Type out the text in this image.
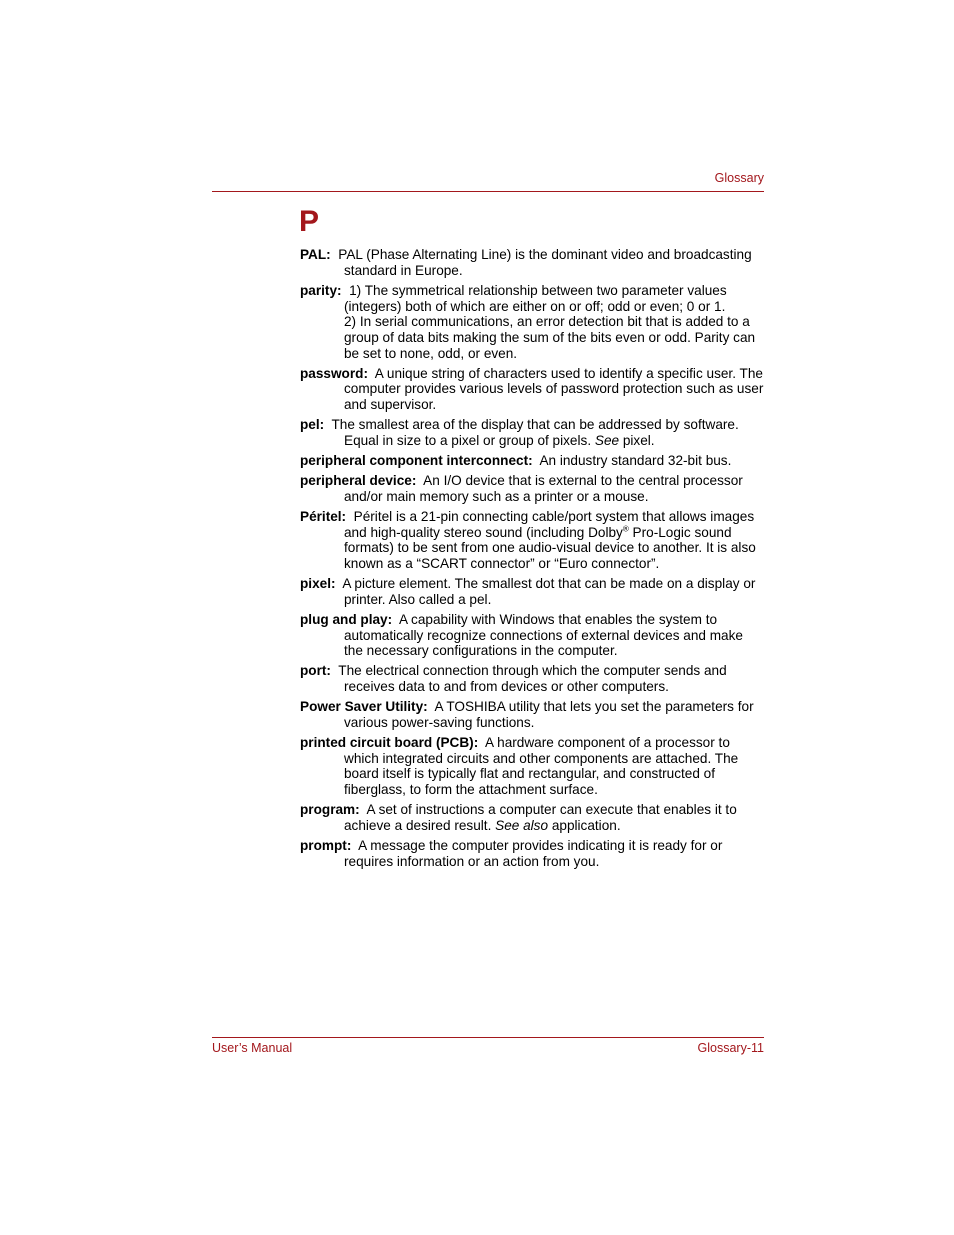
Glossary
P
PAL: PAL (Phase Alternating Line) is the dominant video and broadcasting standard in Europe.
parity: 1) The symmetrical relationship between two parameter values (integers) both of which are either on or off; odd or even; 0 or 1.
2) In serial communications, an error detection bit that is added to a group of data bits making the sum of the bits even or odd. Parity can be set to none, odd, or even.
password: A unique string of characters used to identify a specific user. The computer provides various levels of password protection such as user and supervisor.
pel: The smallest area of the display that can be addressed by software. Equal in size to a pixel or group of pixels. See pixel.
peripheral component interconnect: An industry standard 32-bit bus.
peripheral device: An I/O device that is external to the central processor and/or main memory such as a printer or a mouse.
Péritel: Péritel is a 21-pin connecting cable/port system that allows images and high-quality stereo sound (including Dolby® Pro-Logic sound formats) to be sent from one audio-visual device to another. It is also known as a “SCART connector” or “Euro connector”.
pixel: A picture element. The smallest dot that can be made on a display or printer. Also called a pel.
plug and play: A capability with Windows that enables the system to automatically recognize connections of external devices and make the necessary configurations in the computer.
port: The electrical connection through which the computer sends and receives data to and from devices or other computers.
Power Saver Utility: A TOSHIBA utility that lets you set the parameters for various power-saving functions.
printed circuit board (PCB): A hardware component of a processor to which integrated circuits and other components are attached. The board itself is typically flat and rectangular, and constructed of fiberglass, to form the attachment surface.
program: A set of instructions a computer can execute that enables it to achieve a desired result. See also application.
prompt: A message the computer provides indicating it is ready for or requires information or an action from you.
User’s Manual	Glossary-11
